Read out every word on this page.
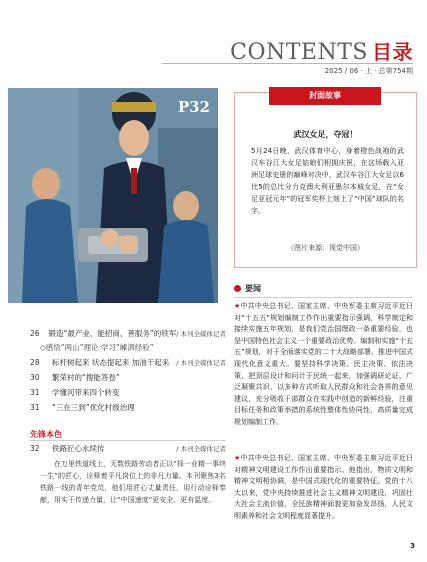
CONTENTS 目录
2025 / 06 · 上 · 总第754期
P32
封面故事
武汉女足，夺冠！
5月24日晚，武汉体育中心，身着橙色战袍的武汉车谷江大女足姑娘们相拥庆祝，在这场载入亚洲足球史册的巅峰对决中，武汉车谷江大女足以6比5的总比分力克澳大利亚墨尔本城女足，在“女足亚冠元年”的冠军奖杯上刻上了“中国”球队的名字。
（图片来源：视觉中国）
要闻
★中共中央总书记、国家主席、中央军委主席习近平近日对“十五五”规划编制工作作出重要指示强调，科学制定和接续实施五年规划，是我们党治国理政一条重要经验，也是中国特色社会主义一个重要政治优势。编制和实施“十五五”规划，对于全面落实党的二十大战略部署、推进中国式现代化意义重大。要坚持科学决策、民主决策、依法决策，把顶层设计和问计于民统一起来，加强调研论证，广泛凝聚共识，以多种方式听取人民群众和社会各界的意见建议，充分吸收干部群众在实践中创造的新鲜经验，注重目标任务和政策举措的系统性整体性协同性，高质量完成规划编制工作。
★中共中央总书记、国家主席、中央军委主席习近平近日对精神文明建设工作作出重要指示。他指出，物质文明和精神文明相协调，是中国式现代化的重要特征。党的十八大以来，党中央持续推进社会主义精神文明建设，巩固壮大社会主流价值，全民族精神面貌更加奋发昂扬，人民文明素养和社会文明程度显著提升。
26	锻造“最产业、能招商、善服务”的铁军 / 本刊全媒体记者
◇感悟“两山”理论 学习“嵊泗经验”
28	标杆树起来 状态提起来 加油干起来	/ 本刊全媒体记者
30	繁荣村的“搜能答卷”
31	学懂河带来四个转变
31	“三在三到”优化村级治理
先锋本色
32	铁路匠心永续传	/ 本刊全媒体记者
在万里铁道线上，无数铁路劳动者正以“择一业精一事终一生”的匠心，诠释着平凡岗位上的非凡力量。本刊聚焦3名铁路一线的青年党员，他们用匠心丈量责任，用行动诠释奉献，用实干传递力量，让“中国速度”更安全、更有温度。
3
